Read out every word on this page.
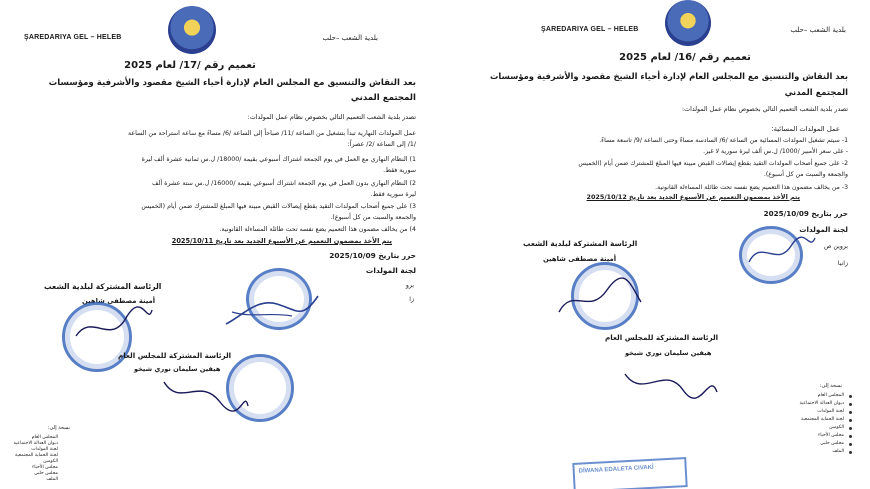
ŞAREDARIYA GEL – HELEB	بلدية الشعب –حلب
تعميم رقم /17/ لعام 2025
بعد النقاش والتنسيق مع المجلس العام لإدارة أحياء الشيخ مقصود والأشرفية ومؤسسات
المجتمع المدني
تصدر بلدية الشعب التعميم التالي بخصوص نظام عمل المولدات:
عمل المولدات النهارية تبدأ بتشغيل من الساعة /11/ صباحاً إلى الساعة /6/ مساءً مع ساعة استراحة من الساعة
/1/ إلى الساعة /2/ عصراً:
1) النظام النهاري مع العمل في يوم الجمعة اشتراك أسبوعي بقيمة /18000/ ل.س ثمانية عشرة ألف ليرة
سورية فقط.
2) النظام النهاري بدون العمل في يوم الجمعة اشتراك أسبوعي بقيمة /16000/ ل.س ستة عشرة ألف
ليرة سورية فقط.
3) على جميع أصحاب المولدات التقيد بقطع إيصالات القبض مبينة فيها المبلغ للمشترك ضمن أيام (الخميس
والجمعة والسبت من كل أسبوع).
4) من يخالف مضمون هذا التعميم يضع نفسه تحت طائلة المساءلة القانونية.
يتم الأخذ بمضمون التعميم عن الأسبوع الجديد بعد تاريخ 2025/10/11
حرر بتاريخ 2025/10/09
لجنة المولدات
برو
زا
الرئاسة المشتركة لبلدية الشعب
أمينة مصطفى شاهين
الرئاسة المشتركة للمجلس العام
هيفين سليمان نوري شيخو
نسخة إلى:
المجلس العام
ديوان العدالة الاجتماعية
لجنة المولدات
لجنة الحماية المجتمعية
الكومين
مجلس الأحياء
مجلس حلبي
الملف
ŞAREDARIYA GEL – HELEB	بلدية الشعب –حلب
تعميم رقم /16/ لعام 2025
بعد النقاش والتنسيق مع المجلس العام لإدارة أحياء الشيخ مقصود والأشرفية ومؤسسات
المجتمع المدني
تصدر بلدية الشعب التعميم التالي بخصوص نظام عمل المولدات:
عمل المولدات المسائية:
1- سيتم تشغيل المولدات المسائية من الساعة /6/ السادسة مساءً وحتى الساعة /9/ تاسعة مساءً.
- على سعر الأمبير /1000/ ل.س ألف ليرة سورية لا غير.
2- على جميع أصحاب المولدات التقيد بقطع إيصالات القبض مبينة فيها المبلغ للمشترك ضمن أيام (الخميس
والجمعة والسبت من كل أسبوع).
3- من يخالف مضمون هذا التعميم يضع نفسه تحت طائلة المساءلة القانونية.
يتم الأخذ بمضمون التعميم عن الأسبوع الجديد بعد تاريخ 2025/10/12
حرر بتاريخ 2025/10/09
لجنة المولدات
بروين ص
زانيا
الرئاسة المشتركة لبلدية الشعب
أمينة مصطفى شاهين
الرئاسة المشتركة للمجلس العام
هيفين سليمان نوري شيخو
DÎWANA EDALETA CIVAKÎ
نسخة إلى:
المجلس العام
ديوان العدالة الاجتماعية
لجنة المولدات
لجنة الحماية المجتمعية
الكومين
مجلس الأحياء
مجلس حلبي
الملف
